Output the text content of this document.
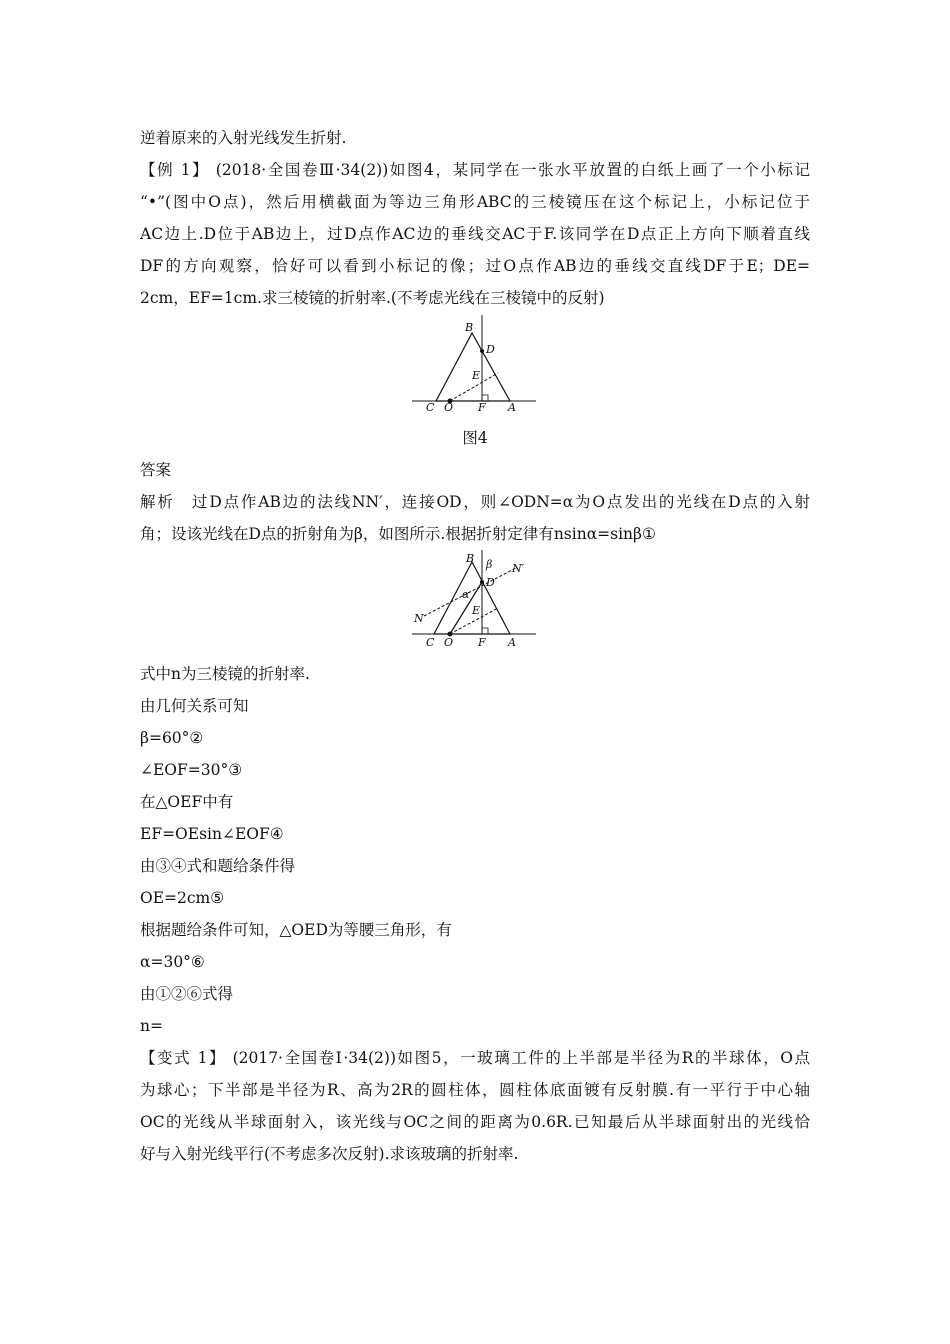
逆着原来的入射光线发生折射.
【例 1】 (2018·全国卷Ⅲ·34(2))如图4，某同学在一张水平放置的白纸上画了一个小标记
“•”(图中O点)，然后用横截面为等边三角形ABC的三棱镜压在这个标记上，小标记位于
AC边上.D位于AB边上，过D点作AC边的垂线交AC于F.该同学在D点正上方向下顺着直线
DF的方向观察，恰好可以看到小标记的像；过O点作AB边的垂线交直线DF于E；DE=
2cm，EF=1cm.求三棱镜的折射率.(不考虑光线在三棱镜中的反射)
B
D
E
C O F A
图4
答案
解析　过D点作AB边的法线NN′，连接OD，则∠ODN=α为O点发出的光线在D点的入射
角；设该光线在D点的折射角为β，如图所示.根据折射定律有nsinα=sinβ①
B β N′
D
α
E
N
C O F A
式中n为三棱镜的折射率.
由几何关系可知
β=60°②
∠EOF=30°③
在△OEF中有
EF=OEsin∠EOF④
由③④式和题给条件得
OE=2cm⑤
根据题给条件可知，△OED为等腰三角形，有
α=30°⑥
由①②⑥式得
n=
【变式 1】 (2017·全国卷Ⅰ·34(2))如图5，一玻璃工件的上半部是半径为R的半球体，O点
为球心；下半部是半径为R、高为2R的圆柱体，圆柱体底面镀有反射膜.有一平行于中心轴
OC的光线从半球面射入，该光线与OC之间的距离为0.6R.已知最后从半球面射出的光线恰
好与入射光线平行(不考虑多次反射).求该玻璃的折射率.
